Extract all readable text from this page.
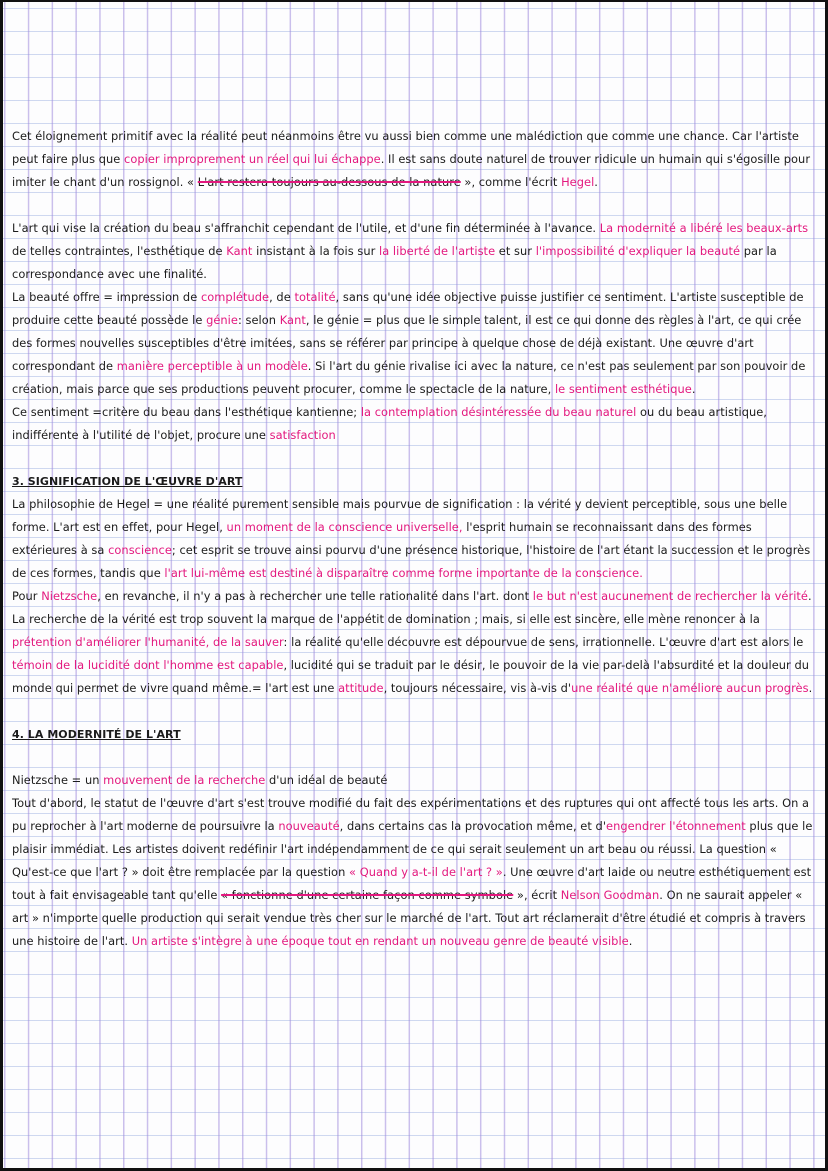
Cet éloignement primitif avec la réalité peut néanmoins être vu aussi bien comme une malédiction que comme une chance. Car l'artiste peut faire plus que copier improprement un réel qui lui échappe. Il est sans doute naturel de trouver ridicule un humain qui s'égosille pour imiter le chant d'un rossignol. « L'art restera toujours au-dessous de la nature », comme l'écrit Hegel.

L'art qui vise la création du beau s'affranchit cependant de l'utile, et d'une fin déterminée à l'avance. La modernité a libéré les beaux-arts de telles contraintes, l'esthétique de Kant insistant à la fois sur la liberté de l'artiste et sur l'impossibilité d'expliquer la beauté par la correspondance avec une finalité.

La beauté offre = impression de complétude, de totalité, sans qu'une idée objective puisse justifier ce sentiment. L'artiste susceptible de produire cette beauté possède le génie: selon Kant, le génie = plus que le simple talent, il est ce qui donne des règles à l'art, ce qui crée des formes nouvelles susceptibles d'être imitées, sans se référer par principe à quelque chose de déjà existant. Une œuvre d'art correspondant de manière perceptible à un modèle. Si l'art du génie rivalise ici avec la nature, ce n'est pas seulement par son pouvoir de création, mais parce que ses productions peuvent procurer, comme le spectacle de la nature, le sentiment esthétique.

Ce sentiment =critère du beau dans l'esthétique kantienne; la contemplation désintéressée du beau naturel ou du beau artistique, indifférente à l'utilité de l'objet, procure une satisfaction

3. SIGNIFICATION DE L'ŒUVRE D'ART

La philosophie de Hegel = une réalité purement sensible mais pourvue de signification : la vérité y devient perceptible, sous une belle forme. L'art est en effet, pour Hegel, un moment de la conscience universelle, l'esprit humain se reconnaissant dans des formes extérieures à sa conscience; cet esprit se trouve ainsi pourvu d'une présence historique, l'histoire de l'art étant la succession et le progrès de ces formes, tandis que l'art lui-même est destiné à disparaître comme forme importante de la conscience.

Pour Nietzsche, en revanche, il n'y a pas à rechercher une telle rationalité dans l'art. dont le but n'est aucunement de rechercher la vérité. La recherche de la vérité est trop souvent la marque de l'appétit de domination ; mais, si elle est sincère, elle mène renoncer à la prétention d'améliorer l'humanité, de la sauver: la réalité qu'elle découvre est dépourvue de sens, irrationnelle. L'œuvre d'art est alors le témoin de la lucidité dont l'homme est capable, lucidité qui se traduit par le désir, le pouvoir de la vie par-delà l'absurdité et la douleur du monde qui permet de vivre quand même.= l'art est une attitude, toujours nécessaire, vis à-vis d'une réalité que n'améliore aucun progrès.

4. LA MODERNITÉ DE L'ART

Nietzsche = un mouvement de la recherche d'un idéal de beauté

Tout d'abord, le statut de l'œuvre d'art s'est trouve modifié du fait des expérimentations et des ruptures qui ont affecté tous les arts. On a pu reprocher à l'art moderne de poursuivre la nouveauté, dans certains cas la provocation même, et d'engendrer l'étonnement plus que le plaisir immédiat. Les artistes doivent redéfinir l'art indépendamment de ce qui serait seulement un art beau ou réussi. La question « Qu'est-ce que l'art ? » doit être remplacée par la question « Quand y a-t-il de l'art ? ». Une œuvre d'art laide ou neutre esthétiquement est tout à fait envisageable tant qu'elle « fonctionne d'une certaine façon comme symbole », écrit Nelson Goodman. On ne saurait appeler « art » n'importe quelle production qui serait vendue très cher sur le marché de l'art. Tout art réclamerait d'être étudié et compris à travers une histoire de l'art. Un artiste s'intègre à une époque tout en rendant un nouveau genre de beauté visible.
